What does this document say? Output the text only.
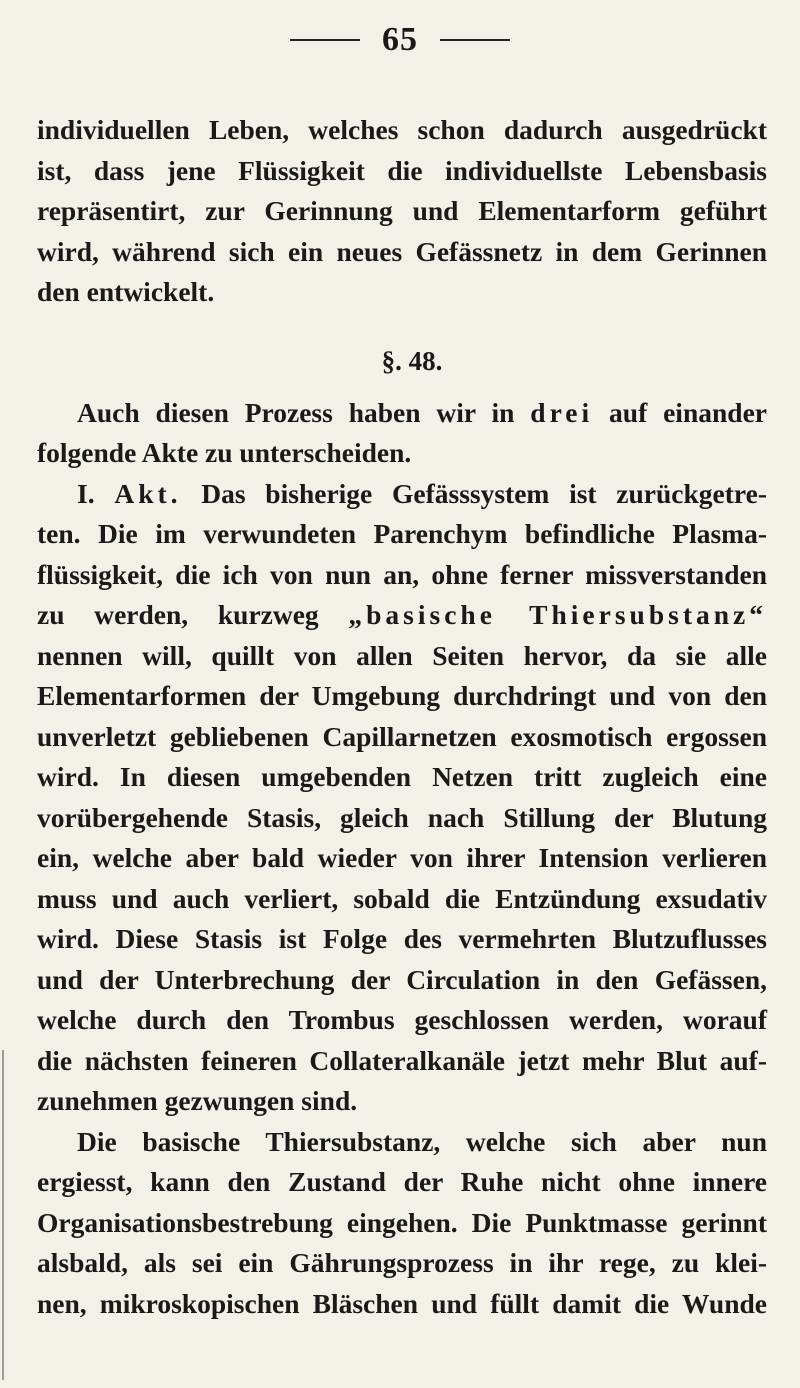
65
individuellen Leben, welches schon dadurch ausgedrückt
ist, dass jene Flüssigkeit die individuellste Lebensbasis
repräsentirt, zur Gerinnung und Elementarform geführt
wird, während sich ein neues Gefässnetz in dem Gerinnen
den entwickelt.
§. 48.
Auch diesen Prozess haben wir in drei auf einander
folgende Akte zu unterscheiden.
I. Akt. Das bisherige Gefässsystem ist zurückgetre-
ten. Die im verwundeten Parenchym befindliche Plasma-
flüssigkeit, die ich von nun an, ohne ferner missverstanden
zu werden, kurzweg „basische Thiersubstanz“
nennen will, quillt von allen Seiten hervor, da sie alle
Elementarformen der Umgebung durchdringt und von den
unverletzt gebliebenen Capillarnetzen exosmotisch ergossen
wird. In diesen umgebenden Netzen tritt zugleich eine
vorübergehende Stasis, gleich nach Stillung der Blutung
ein, welche aber bald wieder von ihrer Intension verlieren
muss und auch verliert, sobald die Entzündung exsudativ
wird. Diese Stasis ist Folge des vermehrten Blutzuflusses
und der Unterbrechung der Circulation in den Gefässen,
welche durch den Trombus geschlossen werden, worauf
die nächsten feineren Collateralkanäle jetzt mehr Blut auf-
zunehmen gezwungen sind.
Die basische Thiersubstanz, welche sich aber nun
ergiesst, kann den Zustand der Ruhe nicht ohne innere
Organisationsbestrebung eingehen. Die Punktmasse gerinnt
alsbald, als sei ein Gährungsprozess in ihr rege, zu klei-
nen, mikroskopischen Bläschen und füllt damit die Wunde
